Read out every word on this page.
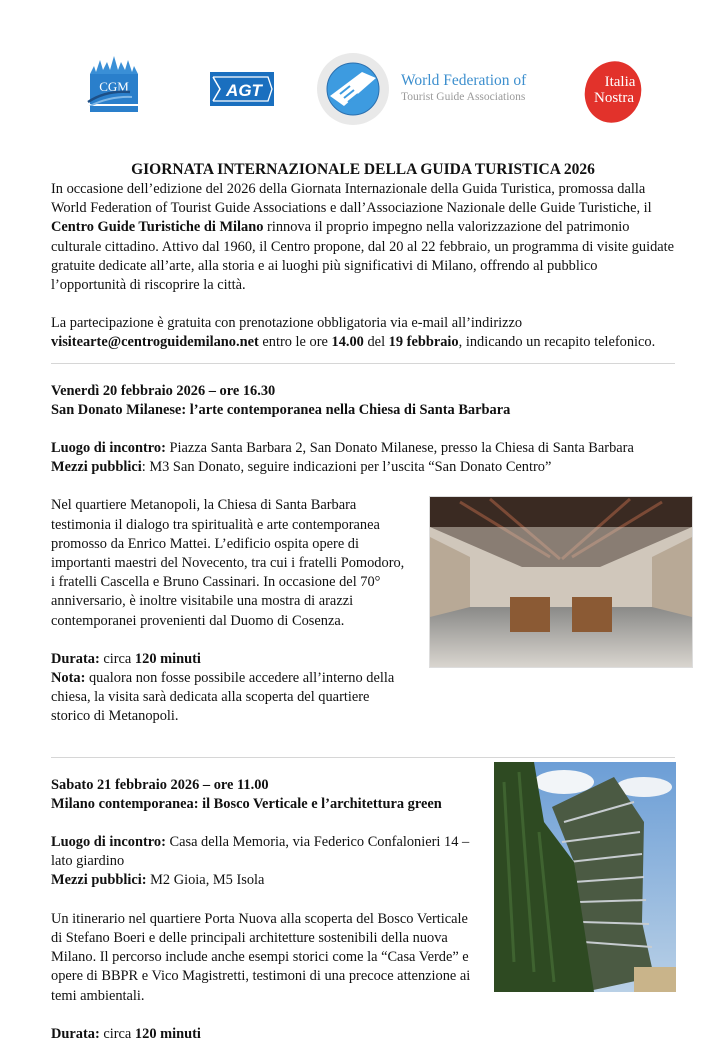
CGM	AGT
World Federation of
Tourist Guide Associations
Italia
Nostra
GIORNATA INTERNAZIONALE DELLA GUIDA TURISTICA 2026

In occasione dell’edizione del 2026 della Giornata Internazionale della Guida Turistica, promossa dalla World Federation of Tourist Guide Associations e dall’Associazione Nazionale delle Guide Turistiche, il Centro Guide Turistiche di Milano rinnova il proprio impegno nella valorizzazione del patrimonio culturale cittadino. Attivo dal 1960, il Centro propone, dal 20 al 22 febbraio, un programma di visite guidate gratuite dedicate all’arte, alla storia e ai luoghi più significativi di Milano, offrendo al pubblico l’opportunità di riscoprire la città.

La partecipazione è gratuita con prenotazione obbligatoria via e-mail all’indirizzo visitearte@centroguidemilano.net entro le ore 14.00 del 19 febbraio, indicando un recapito telefonico.

Venerdì 20 febbraio 2026 – ore 16.30

San Donato Milanese: l’arte contemporanea nella Chiesa di Santa Barbara

Luogo di incontro: Piazza Santa Barbara 2, San Donato Milanese, presso la Chiesa di Santa Barbara

Mezzi pubblici: M3 San Donato, seguire indicazioni per l’uscita “San Donato Centro”

Nel quartiere Metanopoli, la Chiesa di Santa Barbara testimonia il dialogo tra spiritualità e arte contemporanea promosso da Enrico Mattei. L’edificio ospita opere di importanti maestri del Novecento, tra cui i fratelli Pomodoro, i fratelli Cascella e Bruno Cassinari. In occasione del 70° anniversario, è inoltre visitabile una mostra di arazzi contemporanei provenienti dal Duomo di Cosenza.

Durata: circa 120 minuti

Nota: qualora non fosse possibile accedere all’interno della chiesa, la visita sarà dedicata alla scoperta del quartiere storico di Metanopoli.

Sabato 21 febbraio 2026 – ore 11.00

Milano contemporanea: il Bosco Verticale e l’architettura green

Luogo di incontro: Casa della Memoria, via Federico Confalonieri 14 – lato giardino

Mezzi pubblici: M2 Gioia, M5 Isola

Un itinerario nel quartiere Porta Nuova alla scoperta del Bosco Verticale di Stefano Boeri e delle principali architetture sostenibili della nuova Milano. Il percorso include anche esempi storici come la “Casa Verde” e opere di BBPR e Vico Magistretti, testimoni di una precoce attenzione ai temi ambientali.

Durata: circa 120 minuti
